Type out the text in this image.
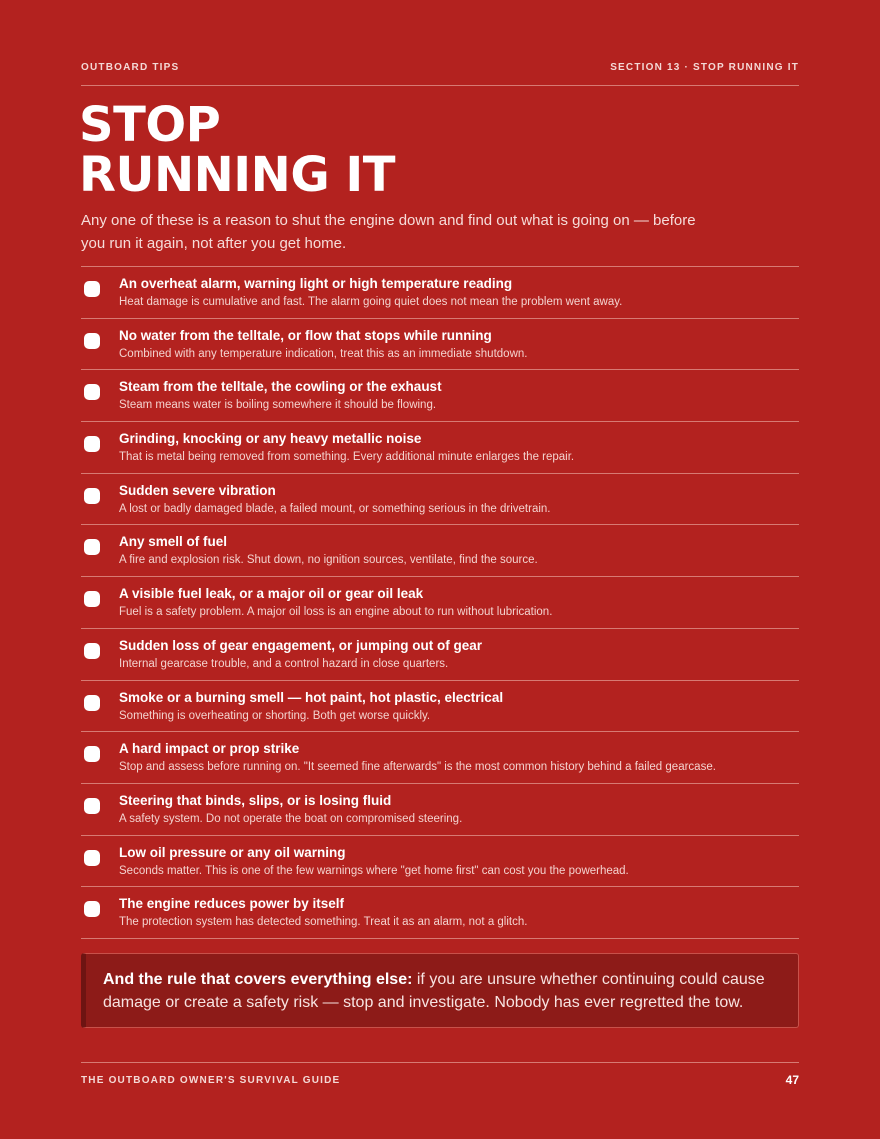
OUTBOARD TIPS	SECTION 13 · STOP RUNNING IT
STOP
RUNNING IT

Any one of these is a reason to shut the engine down and find out what is going on — before you run it again, not after you get home.

An overheat alarm, warning light or high temperature reading
Heat damage is cumulative and fast. The alarm going quiet does not mean the problem went away.
No water from the telltale, or flow that stops while running
Combined with any temperature indication, treat this as an immediate shutdown.
Steam from the telltale, the cowling or the exhaust
Steam means water is boiling somewhere it should be flowing.
Grinding, knocking or any heavy metallic noise
That is metal being removed from something. Every additional minute enlarges the repair.
Sudden severe vibration
A lost or badly damaged blade, a failed mount, or something serious in the drivetrain.
Any smell of fuel
A fire and explosion risk. Shut down, no ignition sources, ventilate, find the source.
A visible fuel leak, or a major oil or gear oil leak
Fuel is a safety problem. A major oil loss is an engine about to run without lubrication.
Sudden loss of gear engagement, or jumping out of gear
Internal gearcase trouble, and a control hazard in close quarters.
Smoke or a burning smell — hot paint, hot plastic, electrical
Something is overheating or shorting. Both get worse quickly.
A hard impact or prop strike
Stop and assess before running on. "It seemed fine afterwards" is the most common history behind a failed gearcase.
Steering that binds, slips, or is losing fluid
A safety system. Do not operate the boat on compromised steering.
Low oil pressure or any oil warning
Seconds matter. This is one of the few warnings where "get home first" can cost you the powerhead.
The engine reduces power by itself
The protection system has detected something. Treat it as an alarm, not a glitch.
And the rule that covers everything else: if you are unsure whether continuing could cause damage or create a safety risk — stop and investigate. Nobody has ever regretted the tow.
THE OUTBOARD OWNER'S SURVIVAL GUIDE	47
